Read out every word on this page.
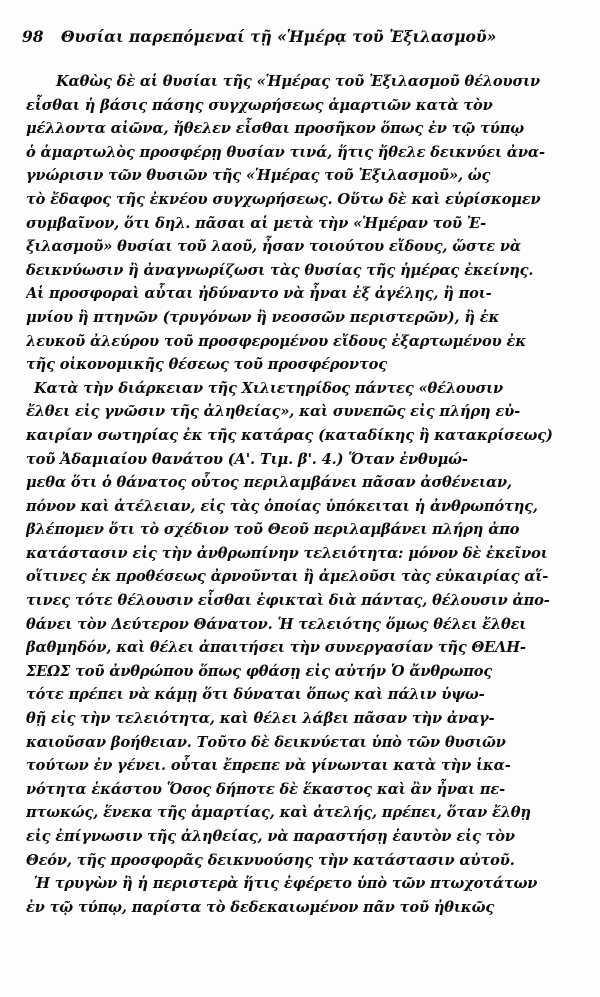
98 Θυσίαι παρεπόμεναί τῇ «Ἡμέρᾳ τοῦ Ἐξιλασμοῦ»
Καθὼς δὲ αἱ θυσίαι τῆς «Ἡμέρας τοῦ Ἐξιλασμοῦ θέλουσιν
εἶσθαι ἡ βάσις πάσης συγχωρήσεως ἁμαρτιῶν κατὰ τὸν
μέλλοντα αἰῶνα, ἤθελεν εἶσθαι προσῆκον ὅπως ἐν τῷ τύπῳ
ὁ ἁμαρτωλὸς προσφέρῃ θυσίαν τινά, ἥτις ἤθελε δεικνύει ἀνα-
γνώρισιν τῶν θυσιῶν τῆς «Ἡμέρας τοῦ Ἐξιλασμοῦ», ὡς
τὸ ἔδαφος τῆς ἐκνέου συγχωρήσεως. Οὕτω δὲ καὶ εὑρίσκομεν
συμβαῖνον, ὅτι δηλ. πᾶσαι αἱ μετὰ τὴν «Ἡμέραν τοῦ Ἐ-
ξιλασμοῦ» θυσίαι τοῦ λαοῦ, ἦσαν τοιούτου εἴδους, ὥστε νὰ
δεικνύωσιν ἢ ἀναγνωρίζωσι τὰς θυσίας τῆς ἡμέρας ἐκείνης.
Αἱ προσφοραὶ αὗται ἠδύναντο νὰ ἦναι ἐξ ἀγέλης, ἢ ποι-
μνίου ἢ πτηνῶν (τρυγόνων ἢ νεοσσῶν περιστερῶν), ἢ ἐκ
λευκοῦ ἀλεύρου τοῦ προσφερομένου εἴδους ἐξαρτωμένου ἐκ
τῆς οἰκονομικῆς θέσεως τοῦ προσφέροντος
Κατὰ τὴν διάρκειαν τῆς Χιλιετηρίδος πάντες «θέλουσιν
ἔλθει εἰς γνῶσιν τῆς ἀληθείας», καὶ συνεπῶς εἰς πλήρη εὐ-
καιρίαν σωτηρίας ἐκ τῆς κατάρας (καταδίκης ἢ κατακρίσεως)
τοῦ Ἀδαμιαίου θανάτου (Α'. Τιμ. β'. 4.) Ὅταν ἐνθυμώ-
μεθα ὅτι ὁ θάνατος οὗτος περιλαμβάνει πᾶσαν ἀσθένειαν,
πόνον καὶ ἀτέλειαν, εἰς τὰς ὁποίας ὑπόκειται ἡ ἀνθρωπότης,
βλέπομεν ὅτι τὸ σχέδιον τοῦ Θεοῦ περιλαμβάνει πλήρη ἀπο
κατάστασιν εἰς τὴν ἀνθρωπίνην τελειότητα: μόνον δὲ ἐκεῖνοι
οἵτινες ἐκ προθέσεως ἀρνοῦνται ἢ ἀμελοῦσι τὰς εὐκαιρίας αἵ-
τινες τότε θέλουσιν εἶσθαι ἐφικταὶ διὰ πάντας, θέλουσιν ἀπο-
θάνει τὸν Δεύτερον Θάνατον. Ἡ τελειότης ὅμως θέλει ἔλθει
βαθμηδόν, καὶ θέλει ἀπαιτήσει τὴν συνεργασίαν τῆς ΘΕΛΗ-
ΣΕΩΣ τοῦ ἀνθρώπου ὅπως φθάσῃ εἰς αὐτήν Ὁ ἄνθρωπος
τότε πρέπει νὰ κάμῃ ὅτι δύναται ὅπως καὶ πάλιν ὑψω-
θῇ εἰς τὴν τελειότητα, καὶ θέλει λάβει πᾶσαν τὴν ἀναγ-
καιοῦσαν βοήθειαν. Τοῦτο δὲ δεικνύεται ὑπὸ τῶν θυσιῶν
τούτων ἐν γένει. οὗται ἔπρεπε νὰ γίνωνται κατὰ τὴν ἱκα-
νότητα ἑκάστου Ὅσος δήποτε δὲ ἕκαστος καὶ ἂν ἦναι πε-
πτωκώς, ἕνεκα τῆς ἁμαρτίας, καὶ ἀτελής, πρέπει, ὅταν ἔλθῃ
εἰς ἐπίγνωσιν τῆς ἀληθείας, νὰ παραστήσῃ ἑαυτὸν εἰς τὸν
Θεόν, τῆς προσφορᾶς δεικνυούσης τὴν κατάστασιν αὐτοῦ.
Ἡ τρυγὼν ἢ ἡ περιστερὰ ἥτις ἐφέρετο ὑπὸ τῶν πτωχοτάτων
ἐν τῷ τύπῳ, παρίστα τὸ δεδεκαιωμένον πᾶν τοῦ ἠθικῶς
